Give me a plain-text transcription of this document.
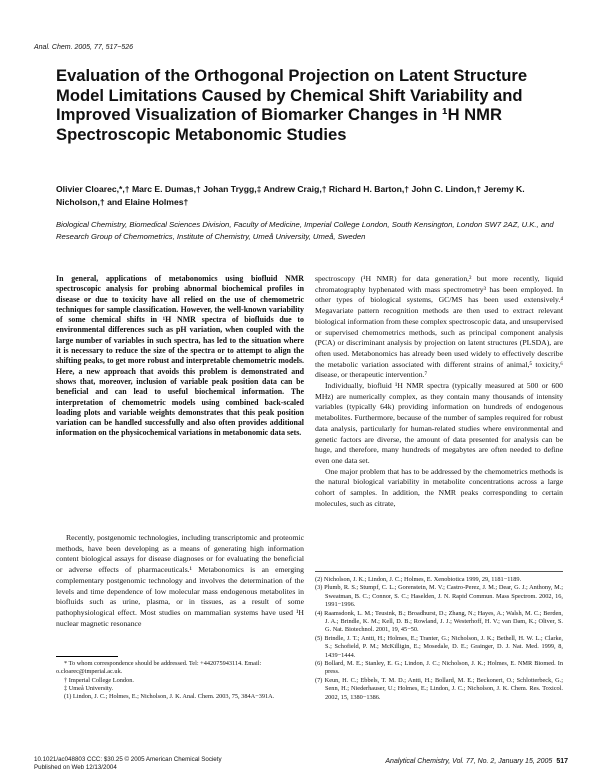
Anal. Chem. 2005, 77, 517−526
Evaluation of the Orthogonal Projection on Latent Structure Model Limitations Caused by Chemical Shift Variability and Improved Visualization of Biomarker Changes in ¹H NMR Spectroscopic Metabonomic Studies
Olivier Cloarec,*,† Marc E. Dumas,† Johan Trygg,‡ Andrew Craig,† Richard H. Barton,† John C. Lindon,† Jeremy K. Nicholson,† and Elaine Holmes†
Biological Chemistry, Biomedical Sciences Division, Faculty of Medicine, Imperial College London, South Kensington, London SW7 2AZ, U.K., and Research Group of Chemometrics, Institute of Chemistry, Umeå University, Umeå, Sweden

In general, applications of metabonomics using biofluid NMR spectroscopic analysis for probing abnormal biochemical profiles in disease or due to toxicity have all relied on the use of chemometric techniques for sample classification. However, the well-known variability of some chemical shifts in ¹H NMR spectra of biofluids due to environmental differences such as pH variation, when coupled with the large number of variables in such spectra, has led to the situation where it is necessary to reduce the size of the spectra or to attempt to align the shifting peaks, to get more robust and interpretable chemometric models. Here, a new approach that avoids this problem is demonstrated and shows that, moreover, inclusion of variable peak position data can be beneficial and can lead to useful biochemical information. The interpretation of chemometric models using combined back-scaled loading plots and variable weights demonstrates that this peak position variation can be handled successfully and also often provides additional information on the physicochemical variations in metabonomic data sets.

Recently, postgenomic technologies, including transcriptomic and proteomic methods, have been developing as a means of generating high information content biological assays for disease diagnoses or for evaluating the beneficial or adverse effects of pharmaceuticals.¹ Metabonomics is an emerging complementary postgenomic technology and involves the determination of the levels and time dependence of low molecular mass endogenous metabolites in biofluids such as urine, plasma, or in tissues, as a result of some pathophysiological effect. Most studies on mammalian systems have used ¹H nuclear magnetic resonance

* To whom correspondence should be addressed. Tel: +442075943114. Email: o.cloarec@imperial.ac.uk.

† Imperial College London.

‡ Umeå University.

(1) Lindon, J. C.; Holmes, E.; Nicholson, J. K. Anal. Chem. 2003, 75, 384A−391A.

spectroscopy (¹H NMR) for data generation,² but more recently, liquid chromatography hyphenated with mass spectrometry³ has been employed. In other types of biological systems, GC/MS has been used extensively.⁴ Megavariate pattern recognition methods are then used to extract relevant biological information from these complex spectroscopic data, and unsupervised or supervised chemometrics methods, such as principal component analysis (PCA) or discriminant analysis by projection on latent structures (PLSDA), are often used. Metabonomics has already been used widely to effectively describe the metabolic variation associated with different strains of animal,⁵ toxicity,⁶ disease, or therapeutic intervention.⁷

Individually, biofluid ¹H NMR spectra (typically measured at 500 or 600 MHz) are numerically complex, as they contain many thousands of intensity variables (typically 64k) providing information on hundreds of endogenous metabolites. Furthermore, because of the number of samples required for robust data analysis, particularly for human-related studies where environmental and genetic factors are diverse, the amount of data presented for analysis can be huge, and therefore, many hundreds of megabytes are often needed to define even one data set.

One major problem that has to be addressed by the chemometrics methods is the natural biological variability in metabolite concentrations across a large cohort of samples. In addition, the NMR peaks corresponding to certain molecules, such as citrate,

(2) Nicholson, J. K.; Lindon, J. C.; Holmes, E. Xenobiotica 1999, 29, 1181−1189.

(3) Plumb, R. S.; Stumpf, C. L.; Gorenstein, M. V.; Castro-Perez, J. M.; Dear, G. J.; Anthony, M.; Sweatman, B. C.; Connor, S. C.; Haselden, J. N. Rapid Commun. Mass Spectrom. 2002, 16, 1991−1996.

(4) Raamsdonk, L. M.; Teusink, B.; Broadhurst, D.; Zhang, N.; Hayes, A.; Walsh, M. C.; Berden, J. A.; Brindle, K. M.; Kell, D. B.; Rowland, J. J.; Westerhoff, H. V.; van Dam, K.; Oliver, S. G. Nat. Biotechnol. 2001, 19, 45−50.

(5) Brindle, J. T.; Antti, H.; Holmes, E.; Tranter, G.; Nicholson, J. K.; Bethell, H. W. L.; Clarke, S.; Schofield, P. M.; McKilligin, E.; Mosedale, D. E.; Grainger, D. J. Nat. Med. 1999, 8, 1439−1444.

(6) Bollard, M. E.; Stanley, E. G.; Lindon, J. C.; Nicholson, J. K.; Holmes, E. NMR Biomed. In press.

(7) Keun, H. C.; Ebbels, T. M. D.; Antti, H.; Bollard, M. E.; Beckonert, O.; Schlotterbeck, G.; Senn, H.; Niederhauser, U.; Holmes, E.; Lindon, J. C.; Nicholson, J. K. Chem. Res. Toxicol. 2002, 15, 1380−1386.

10.1021/ac048803 CCC: $30.25 © 2005 American Chemical Society
Published on Web 12/13/2004
Analytical Chemistry, Vol. 77, No. 2, January 15, 2005 517
